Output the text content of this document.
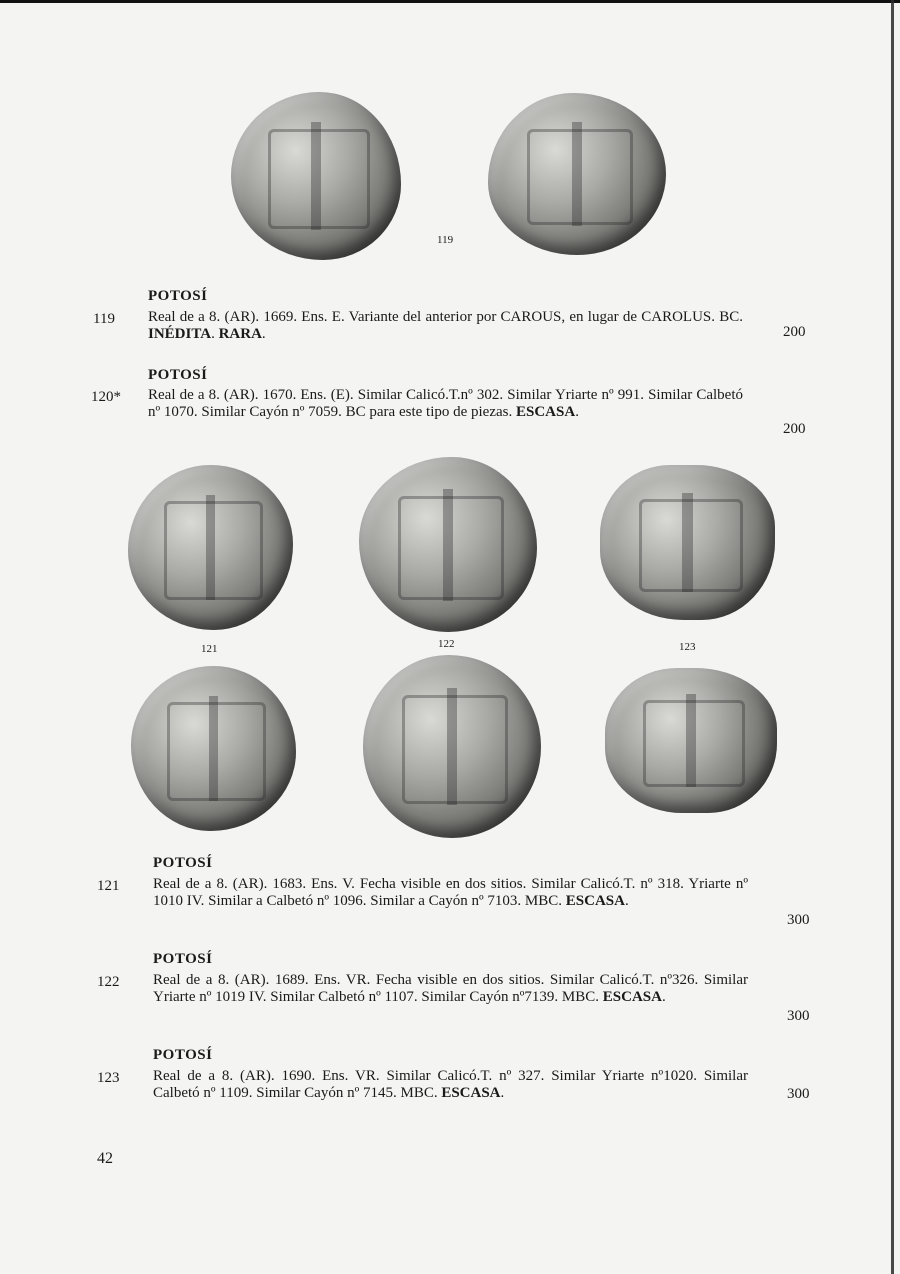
119
121	122	123
POTOSÍ
119 Real de a 8. (AR). 1669. Ens. E. Variante del anterior por CAROUS, en lugar de CAROLUS. BC. INÉDITA. RARA.	200
POTOSÍ
120* Real de a 8. (AR). 1670. Ens. (E). Similar Calicó.T.nº 302. Similar Yriarte nº 991. Similar Calbetó nº 1070. Similar Cayón nº 7059. BC para este tipo de piezas. ESCASA.
200
POTOSÍ
121 Real de a 8. (AR). 1683. Ens. V. Fecha visible en dos sitios. Similar Calicó.T. nº 318. Yriarte nº 1010 IV. Similar a Calbetó nº 1096. Similar a Cayón nº 7103. MBC. ESCASA.
300
POTOSÍ
122 Real de a 8. (AR). 1689. Ens. VR. Fecha visible en dos sitios. Similar Calicó.T. nº326. Similar Yriarte nº 1019 IV. Similar Calbetó nº 1107. Similar Cayón nº7139. MBC. ESCASA.
300
POTOSÍ
123 Real de a 8. (AR). 1690. Ens. VR. Similar Calicó.T. nº 327. Similar Yriarte nº1020. Similar Calbetó nº 1109. Similar Cayón nº 7145. MBC. ESCASA.	300
42
